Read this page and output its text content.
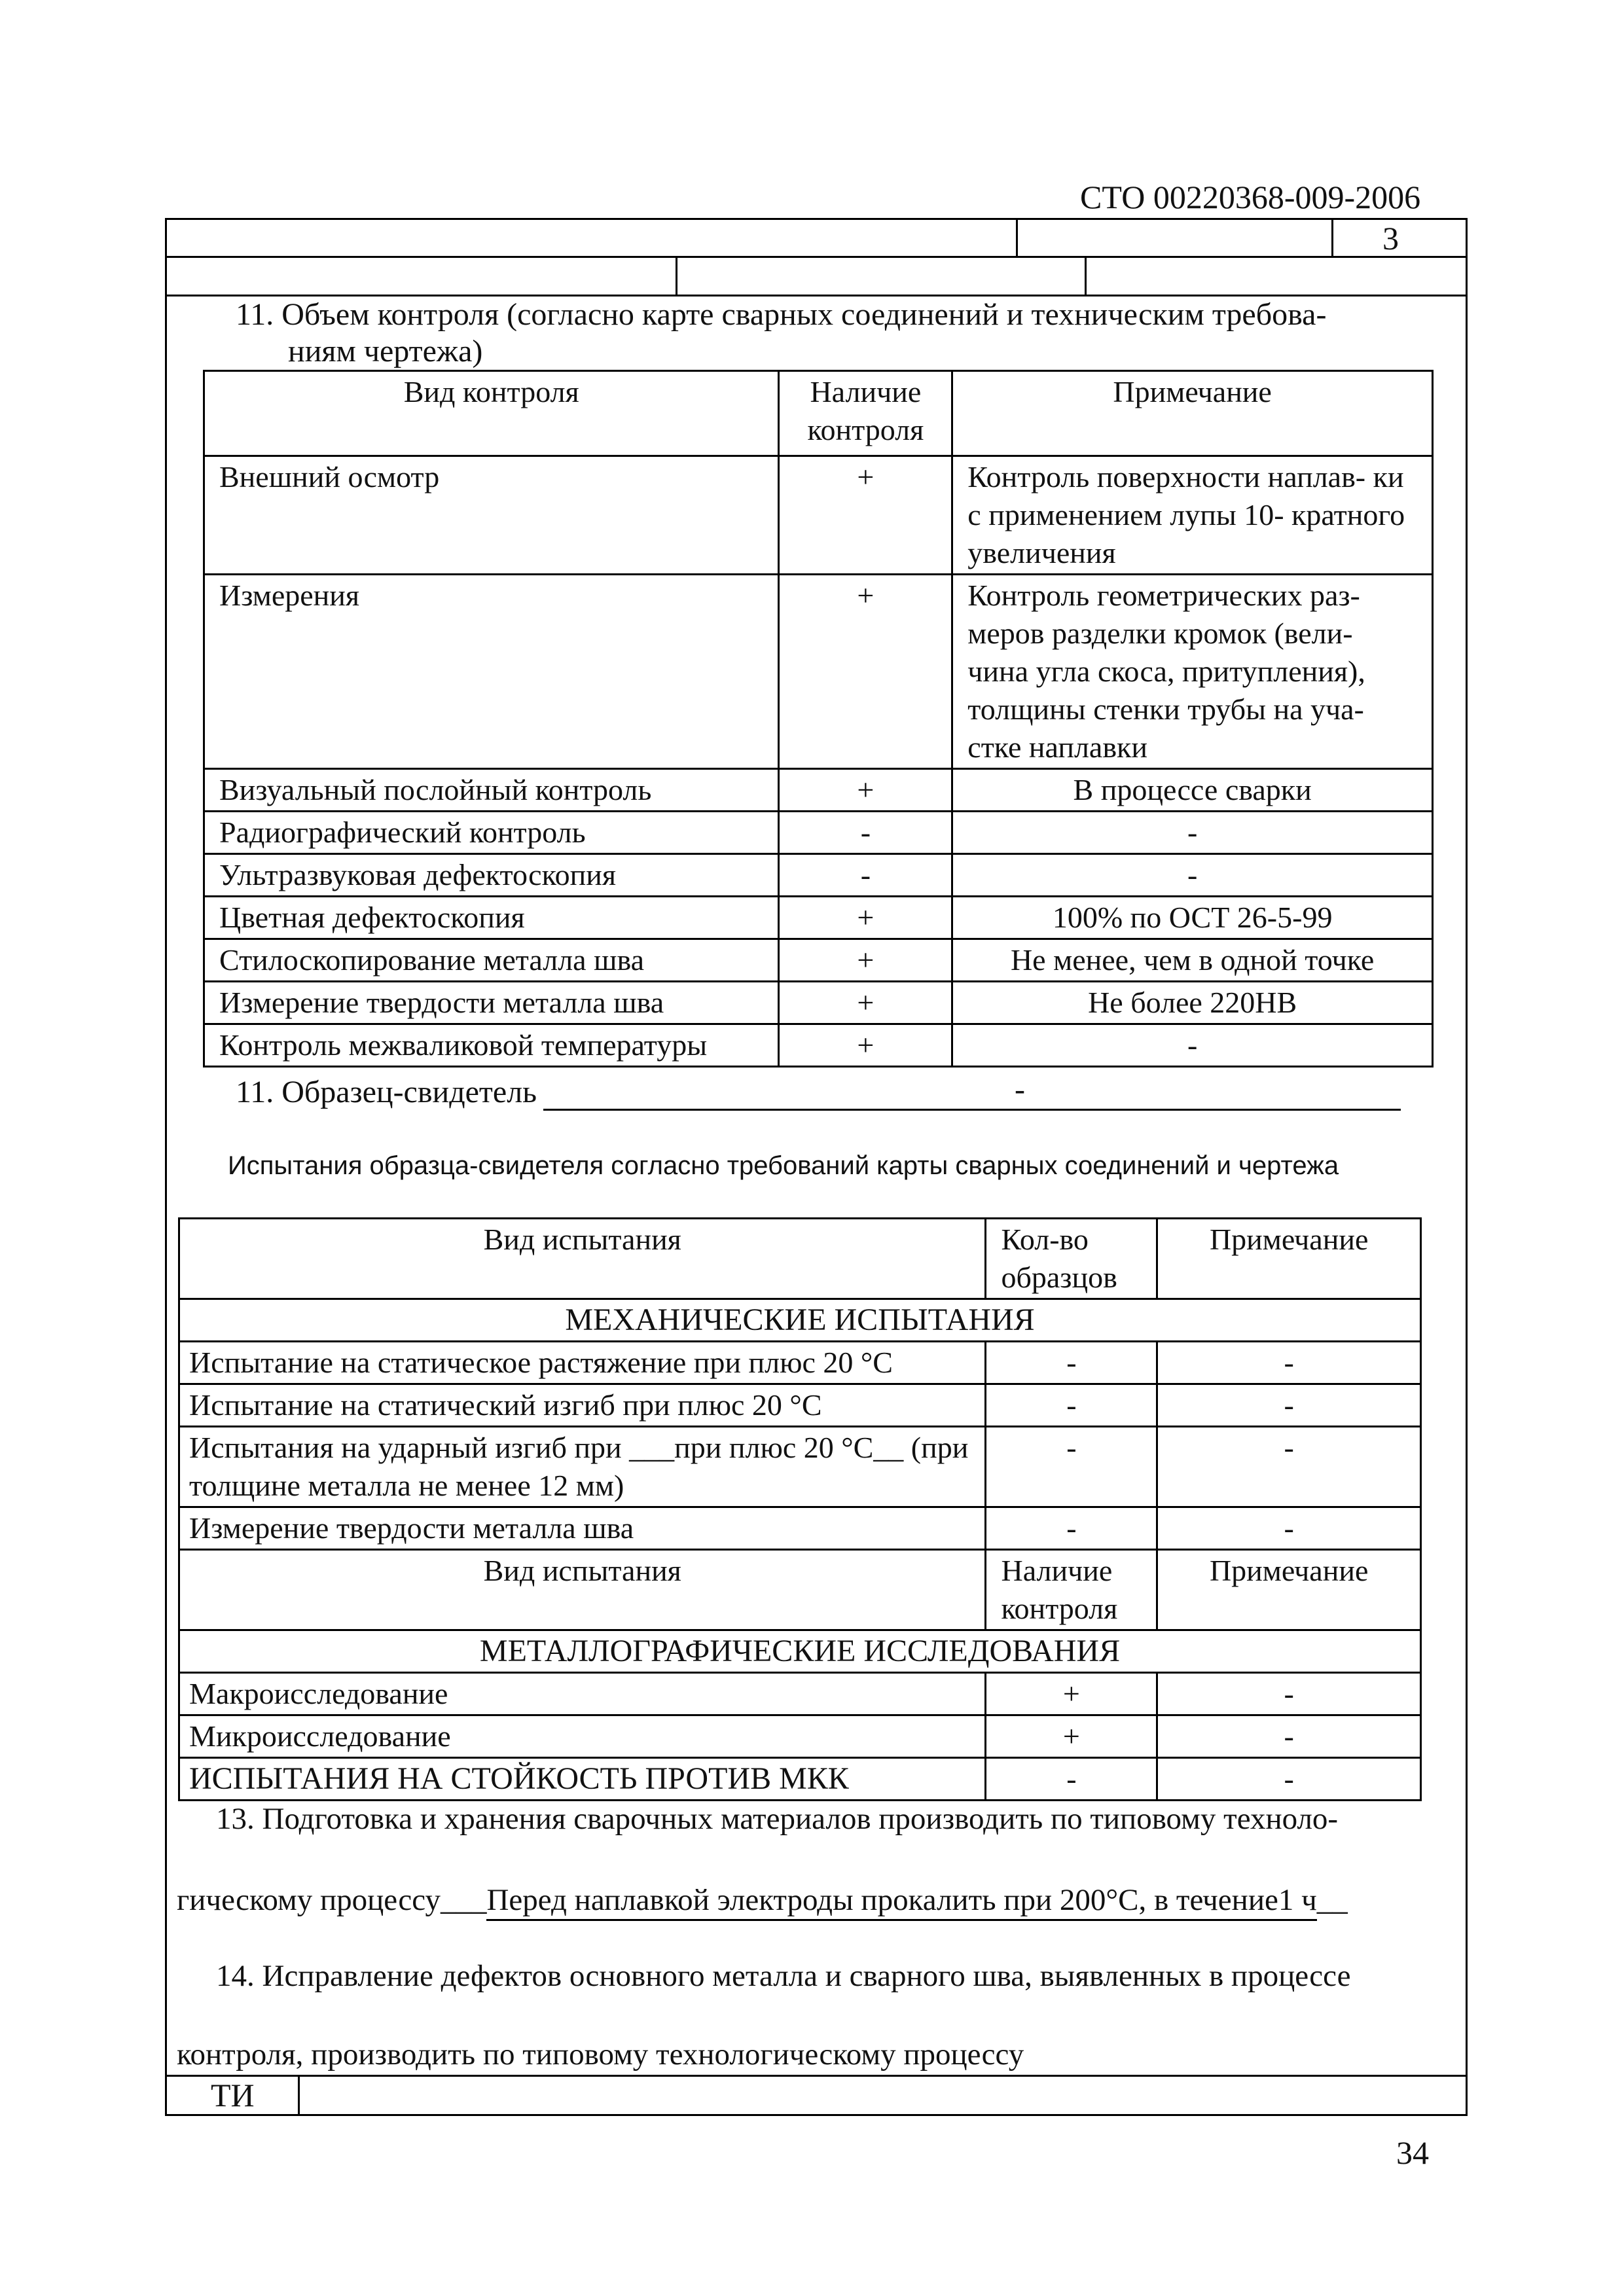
СТО 00220368-009-2006
3
11. Объем контроля (согласно карте сварных соединений и техническим требова-
ниям чертежа)
Вид контроля	Наличие контроля	Примечание
Внешний осмотр	+	Контроль поверхности наплав- ки с применением лупы 10- кратного увеличения
Измерения	+	Контроль геометрических раз- меров разделки кромок (вели- чина угла скоса, притупления), толщины стенки трубы на уча- стке наплавки
Визуальный послойный контроль	+	В процессе сварки
Радиографический контроль	-	-
Ультразвуковая дефектоскопия	-	-
Цветная дефектоскопия	+	100% по ОСТ 26-5-99
Стилоскопирование металла шва	+	Не менее, чем в одной точке
Измерение твердости металла шва	+	Не более 220НВ
Контроль межваликовой температуры	+	-
11. Образец-свидетель	-
Испытания образца-свидетеля согласно требований карты сварных соединений и чертежа
Вид испытания	Кол-во образцов	Примечание
МЕХАНИЧЕСКИЕ ИСПЫТАНИЯ		
Испытание на статическое растяжение при плюс 20 °С	-	-
Испытание на статический изгиб при плюс 20 °С	-	-
Испытания на ударный изгиб при ___при плюс 20 °С__ (при толщине металла не менее 12 мм)	-	-
Измерение твердости металла шва	-	-
Вид испытания	Наличие контроля	Примечание
МЕТАЛЛОГРАФИЧЕСКИЕ ИССЛЕДОВАНИЯ		
Макроисследование	+	-
Микроисследование	+	-
ИСПЫТАНИЯ НА СТОЙКОСТЬ ПРОТИВ МКК	-	-
13. Подготовка и хранения сварочных материалов производить по типовому техноло-
гическому процессу___Перед наплавкой электроды прокалить при 200°С, в течение1 ч__
14. Исправление дефектов основного металла и сварного шва, выявленных в процессе
контроля, производить по типовому технологическому процессу
ТИ
34
